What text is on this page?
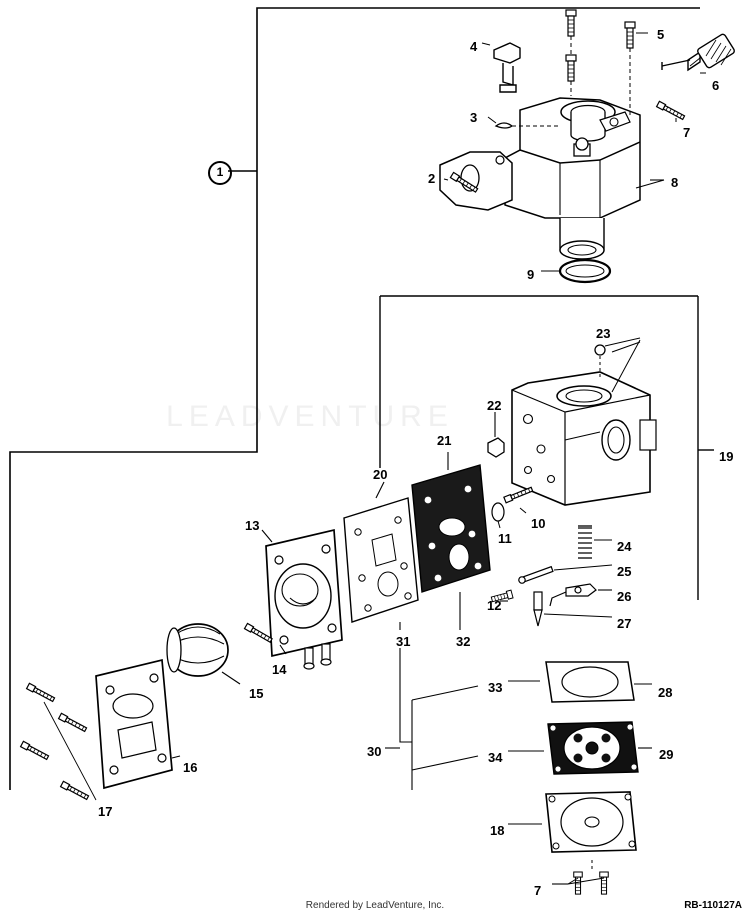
LEADVENTURE
1	2
3
4
5
6
7
8
9
10
11
12
13
14
15
16
17
18
19
20
21
22
23
24
25
26
27
28
29
30
31	32
33
34
7
Rendered by LeadVenture, Inc.	RB-110127A
